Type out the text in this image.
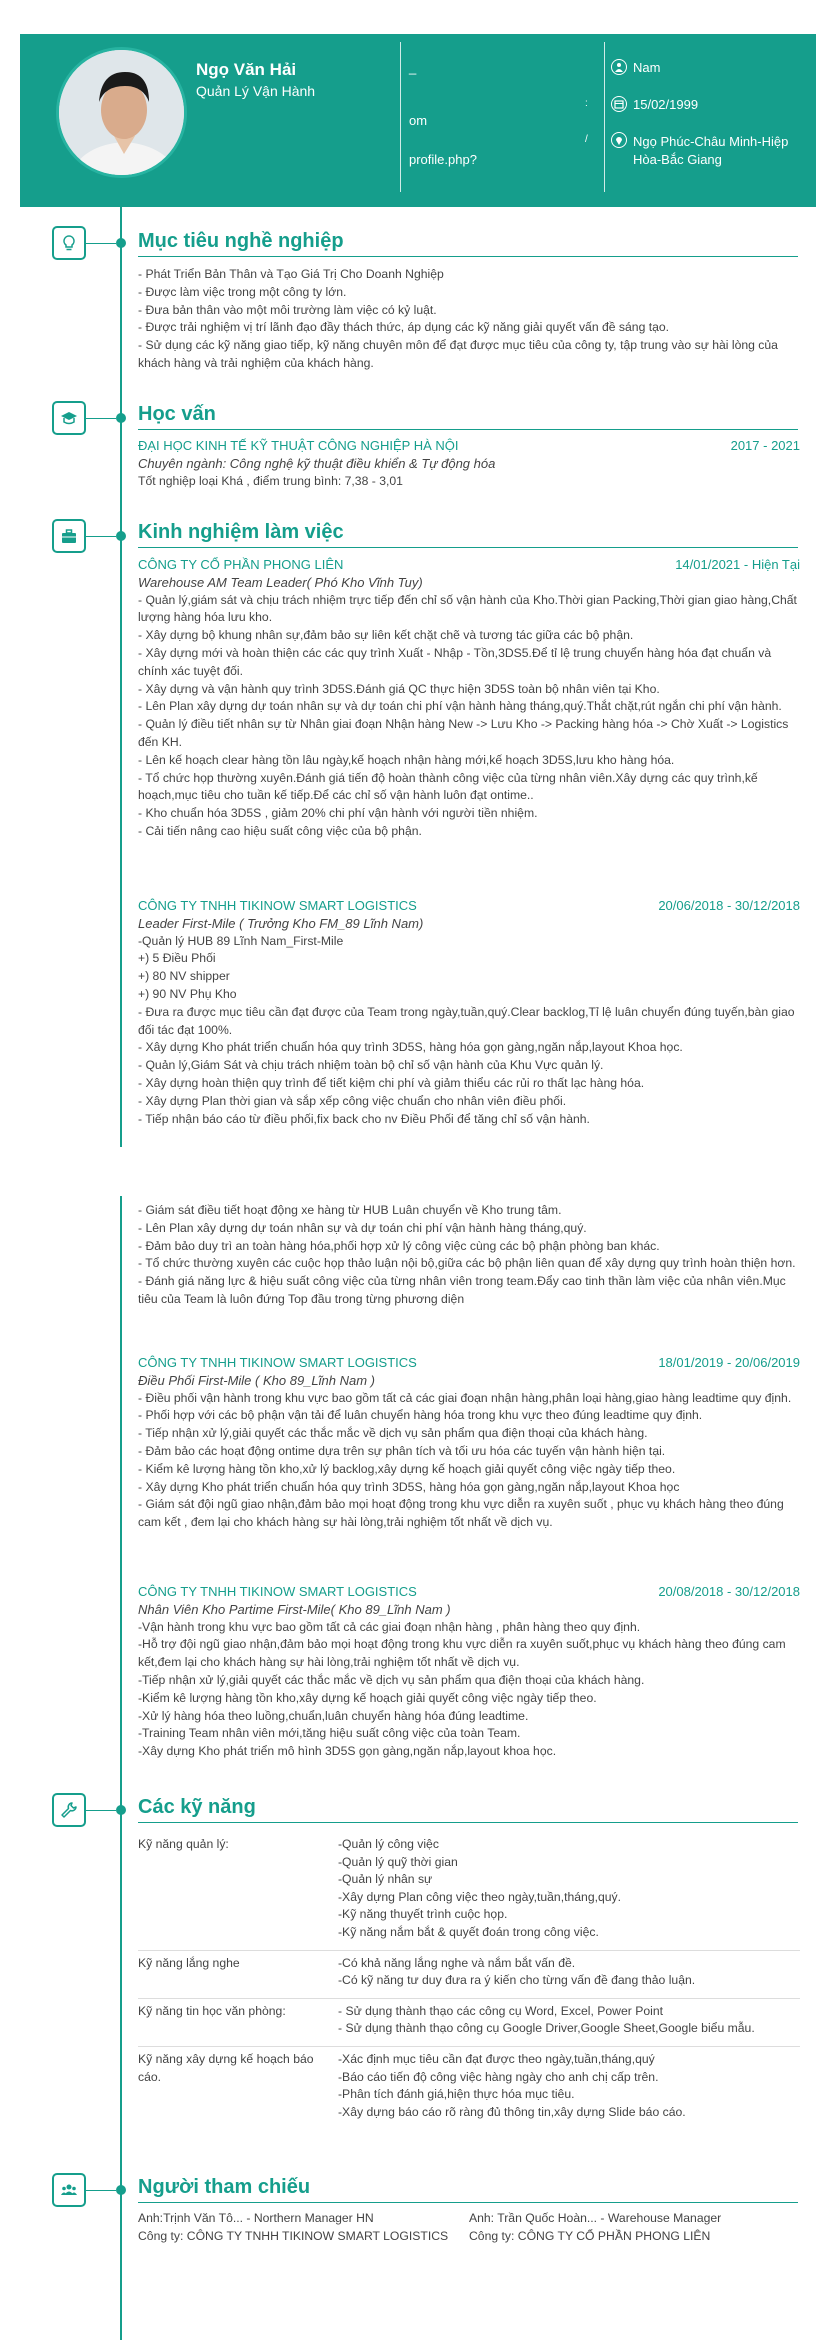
Ngọ Văn Hải
Quản Lý Vận Hành
_
om
profile.php?
:
/
Nam
15/02/1999
Ngọ Phúc-Châu Minh-Hiệp Hòa-Bắc Giang
Mục tiêu nghề nghiệp

- Phát Triển Bản Thân và Tạo Giá Trị Cho Doanh Nghiệp

- Được làm việc trong một công ty lớn.

- Đưa bản thân vào một môi trường làm việc có kỷ luật.

- Được trải nghiệm vị trí lãnh đạo đầy thách thức, áp dụng các kỹ năng giải quyết vấn đề sáng tạo.

- Sử dụng các kỹ năng giao tiếp, kỹ năng chuyên môn để đạt được mục tiêu của công ty, tập trung vào sự hài lòng của khách hàng và trải nghiệm của khách hàng.

Học vấn
ĐẠI HỌC KINH TẾ KỸ THUẬT CÔNG NGHIỆP HÀ NỘI	2017 - 2021

Chuyên ngành: Công nghệ kỹ thuật điều khiển & Tự động hóa

Tốt nghiệp loại Khá , điểm trung bình: 7,38 - 3,01

Kinh nghiệm làm việc
CÔNG TY CỔ PHẦN PHONG LIÊN	14/01/2021 - Hiện Tại

Warehouse AM Team Leader( Phó Kho Vĩnh Tuy)

- Quản lý,giám sát và chịu trách nhiệm trực tiếp đến chỉ số vận hành của Kho.Thời gian Packing,Thời gian giao hàng,Chất lượng hàng hóa lưu kho.

- Xây dựng bộ khung nhân sự,đảm bảo sự liên kết chặt chẽ và tương tác giữa các bộ phận.

- Xây dựng mới và hoàn thiện các các quy trình Xuất - Nhập - Tồn,3DS5.Để tỉ lệ trung chuyển hàng hóa đạt chuẩn và chính xác tuyệt đối.

- Xây dựng và vận hành quy trình 3D5S.Đánh giá QC thực hiện 3D5S toàn bộ nhân viên tại Kho.

- Lên Plan xây dựng dự toán nhân sự và dự toán chi phí vận hành hàng tháng,quý.Thắt chặt,rút ngắn chi phí vận hành.

- Quản lý điều tiết nhân sự từ Nhân giai đoạn Nhận hàng New -> Lưu Kho -> Packing hàng hóa -> Chờ Xuất -> Logistics đến KH.

- Lên kế hoạch clear hàng tồn lâu ngày,kế hoạch nhận hàng mới,kế hoạch 3D5S,lưu kho hàng hóa.

- Tổ chức họp thường xuyên.Đánh giá tiến độ hoàn thành công việc của từng nhân viên.Xây dựng các quy trình,kế hoạch,mục tiêu cho tuần kế tiếp.Để các chỉ số vận hành luôn đạt ontime..

- Kho chuẩn hóa 3D5S , giảm 20% chi phí vận hành với người tiền nhiệm.

- Cải tiến nâng cao hiệu suất công việc của bộ phận.

CÔNG TY TNHH TIKINOW SMART LOGISTICS	20/06/2018 - 30/12/2018

Leader First-Mile ( Trưởng Kho FM_89 Lĩnh Nam)

-Quản lý HUB 89 Lĩnh Nam_First-Mile

+) 5 Điều Phối

+) 80 NV shipper

+) 90 NV Phụ Kho

- Đưa ra được mục tiêu cần đạt được của Team trong ngày,tuần,quý.Clear backlog,Tỉ lệ luân chuyển đúng tuyến,bàn giao đối tác đạt 100%.

- Xây dựng Kho phát triển chuẩn hóa quy trình 3D5S, hàng hóa gọn gàng,ngăn nắp,layout Khoa học.

- Quản lý,Giám Sát và chịu trách nhiệm toàn bộ chỉ số vận hành của Khu Vực quản lý.

- Xây dựng hoàn thiện quy trình để tiết kiệm chi phí và giảm thiểu các rủi ro thất lạc hàng hóa.

- Xây dựng Plan thời gian và sắp xếp công việc chuẩn cho nhân viên điều phối.

- Tiếp nhận báo cáo từ điều phối,fix back cho nv Điều Phối để tăng chỉ số vận hành.

- Giám sát điều tiết hoạt động xe hàng từ HUB Luân chuyển về Kho trung tâm.

- Lên Plan xây dựng dự toán nhân sự và dự toán chi phí vận hành hàng tháng,quý.

- Đảm bảo duy trì an toàn hàng hóa,phối hợp xử lý công việc cùng các bộ phận phòng ban khác.

- Tổ chức thường xuyên các cuộc họp thảo luận nội bộ,giữa các bộ phận liên quan để xây dựng quy trình hoàn thiện hơn.

- Đánh giá năng lực & hiệu suất công việc của từng nhân viên trong team.Đẩy cao tinh thần làm việc của nhân viên.Mục tiêu của Team là luôn đứng Top đầu trong từng phương diện

CÔNG TY TNHH TIKINOW SMART LOGISTICS	18/01/2019 - 20/06/2019

Điều Phối First-Mile ( Kho 89_Lĩnh Nam )

- Điều phối vận hành trong khu vực bao gồm tất cả các giai đoạn nhận hàng,phân loại hàng,giao hàng leadtime quy định.

- Phối hợp với các bộ phận vận tải để luân chuyển hàng hóa trong khu vực theo đúng leadtime quy định.

- Tiếp nhận xử lý,giải quyết các thắc mắc về dịch vụ sản phẩm qua điện thoại của khách hàng.

- Đảm bảo các hoạt động ontime dựa trên sự phân tích và tối ưu hóa các tuyến vận hành hiện tại.

- Kiểm kê lượng hàng tồn kho,xử lý backlog,xây dựng kế hoạch giải quyết công việc ngày tiếp theo.

- Xây dựng Kho phát triển chuẩn hóa quy trình 3D5S, hàng hóa gọn gàng,ngăn nắp,layout Khoa học

- Giám sát đội ngũ giao nhận,đảm bảo mọi hoạt động trong khu vực diễn ra xuyên suốt , phục vụ khách hàng theo đúng cam kết , đem lại cho khách hàng sự hài lòng,trải nghiệm tốt nhất về dịch vụ.

CÔNG TY TNHH TIKINOW SMART LOGISTICS	20/08/2018 - 30/12/2018

Nhân Viên Kho Partime First-Mile( Kho 89_Lĩnh Nam )

-Vận hành trong khu vực bao gồm tất cả các giai đoạn nhận hàng , phân hàng theo quy định.

-Hỗ trợ đội ngũ giao nhận,đảm bảo mọi hoạt động trong khu vực diễn ra xuyên suốt,phục vụ khách hàng theo đúng cam kết,đem lại cho khách hàng sự hài lòng,trải nghiệm tốt nhất về dịch vụ.

-Tiếp nhận xử lý,giải quyết các thắc mắc về dịch vụ sản phẩm qua điện thoại của khách hàng.

-Kiểm kê lượng hàng tồn kho,xây dựng kế hoạch giải quyết công việc ngày tiếp theo.

-Xử lý hàng hóa theo luồng,chuẩn,luân chuyển hàng hóa đúng leadtime.

-Training Team nhân viên mới,tăng hiệu suất công việc của toàn Team.

-Xây dựng Kho phát triển mô hình 3D5S gọn gàng,ngăn nắp,layout khoa học.

Các kỹ năng
Kỹ năng quản lý:	-Quản lý công việc

-Quản lý quỹ thời gian

-Quản lý nhân sự

-Xây dựng Plan công việc theo ngày,tuần,tháng,quý.

-Kỹ năng thuyết trình cuộc họp.

-Kỹ năng nắm bắt & quyết đoán trong công việc.

Kỹ năng lắng nghe	-Có khả năng lắng nghe và nắm bắt vấn đề.

-Có kỹ năng tư duy đưa ra ý kiến cho từng vấn đề đang thảo luận.

Kỹ năng tin học văn phòng:	- Sử dụng thành thạo các công cụ Word, Excel, Power Point

- Sử dụng thành thạo công cụ Google Driver,Google Sheet,Google biểu mẫu.

Kỹ năng xây dựng kế hoạch báo cáo.

-Xác định mục tiêu cần đạt được theo ngày,tuần,tháng,quý

-Báo cáo tiến độ công việc hàng ngày cho anh chị cấp trên.

-Phân tích đánh giá,hiện thực hóa mục tiêu.

-Xây dựng báo cáo rõ ràng đủ thông tin,xây dựng Slide báo cáo.

Người tham chiếu

Anh:Trịnh Văn Tô... - Northern Manager HN

Công ty: CÔNG TY TNHH TIKINOW SMART LOGISTICS

Anh: Trần Quốc Hoàn... - Warehouse Manager

Công ty: CÔNG TY CỔ PHẦN PHONG LIÊN
